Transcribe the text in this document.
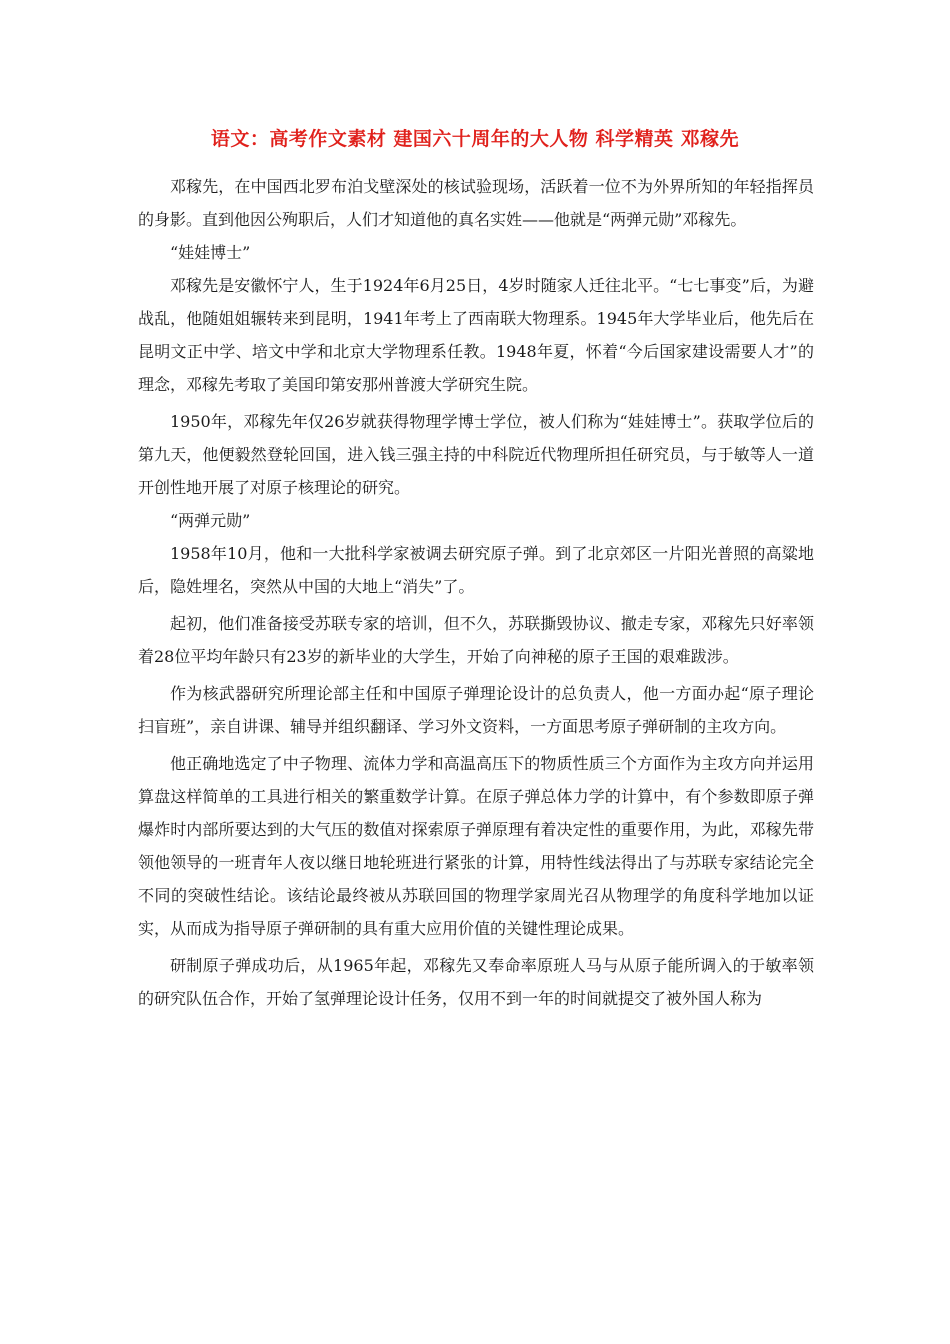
语文：高考作文素材 建国六十周年的大人物 科学精英 邓稼先

邓稼先，在中国西北罗布泊戈壁深处的核试验现场，活跃着一位不为外界所知的年轻指挥员的身影。直到他因公殉职后，人们才知道他的真名实姓——他就是“两弹元勋”邓稼先。

“娃娃博士”

邓稼先是安徽怀宁人，生于1924年6月25日，4岁时随家人迁往北平。“七七事变”后，为避战乱，他随姐姐辗转来到昆明，1941年考上了西南联大物理系。1945年大学毕业后，他先后在昆明文正中学、培文中学和北京大学物理系任教。1948年夏，怀着“今后国家建设需要人才”的理念，邓稼先考取了美国印第安那州普渡大学研究生院。

1950年，邓稼先年仅26岁就获得物理学博士学位，被人们称为“娃娃博士”。获取学位后的第九天，他便毅然登轮回国，进入钱三强主持的中科院近代物理所担任研究员，与于敏等人一道开创性地开展了对原子核理论的研究。

“两弹元勋”

1958年10月，他和一大批科学家被调去研究原子弹。到了北京郊区一片阳光普照的高粱地后，隐姓埋名，突然从中国的大地上“消失”了。

起初，他们准备接受苏联专家的培训，但不久，苏联撕毁协议、撤走专家，邓稼先只好率领着28位平均年龄只有23岁的新毕业的大学生，开始了向神秘的原子王国的艰难跋涉。

作为核武器研究所理论部主任和中国原子弹理论设计的总负责人，他一方面办起“原子理论扫盲班”，亲自讲课、辅导并组织翻译、学习外文资料，一方面思考原子弹研制的主攻方向。

他正确地选定了中子物理、流体力学和高温高压下的物质性质三个方面作为主攻方向并运用算盘这样简单的工具进行相关的繁重数学计算。在原子弹总体力学的计算中，有个参数即原子弹爆炸时内部所要达到的大气压的数值对探索原子弹原理有着决定性的重要作用，为此，邓稼先带领他领导的一班青年人夜以继日地轮班进行紧张的计算，用特性线法得出了与苏联专家结论完全不同的突破性结论。该结论最终被从苏联回国的物理学家周光召从物理学的角度科学地加以证实，从而成为指导原子弹研制的具有重大应用价值的关键性理论成果。

研制原子弹成功后，从1965年起，邓稼先又奉命率原班人马与从原子能所调入的于敏率领的研究队伍合作，开始了氢弹理论设计任务，仅用不到一年的时间就提交了被外国人称为
